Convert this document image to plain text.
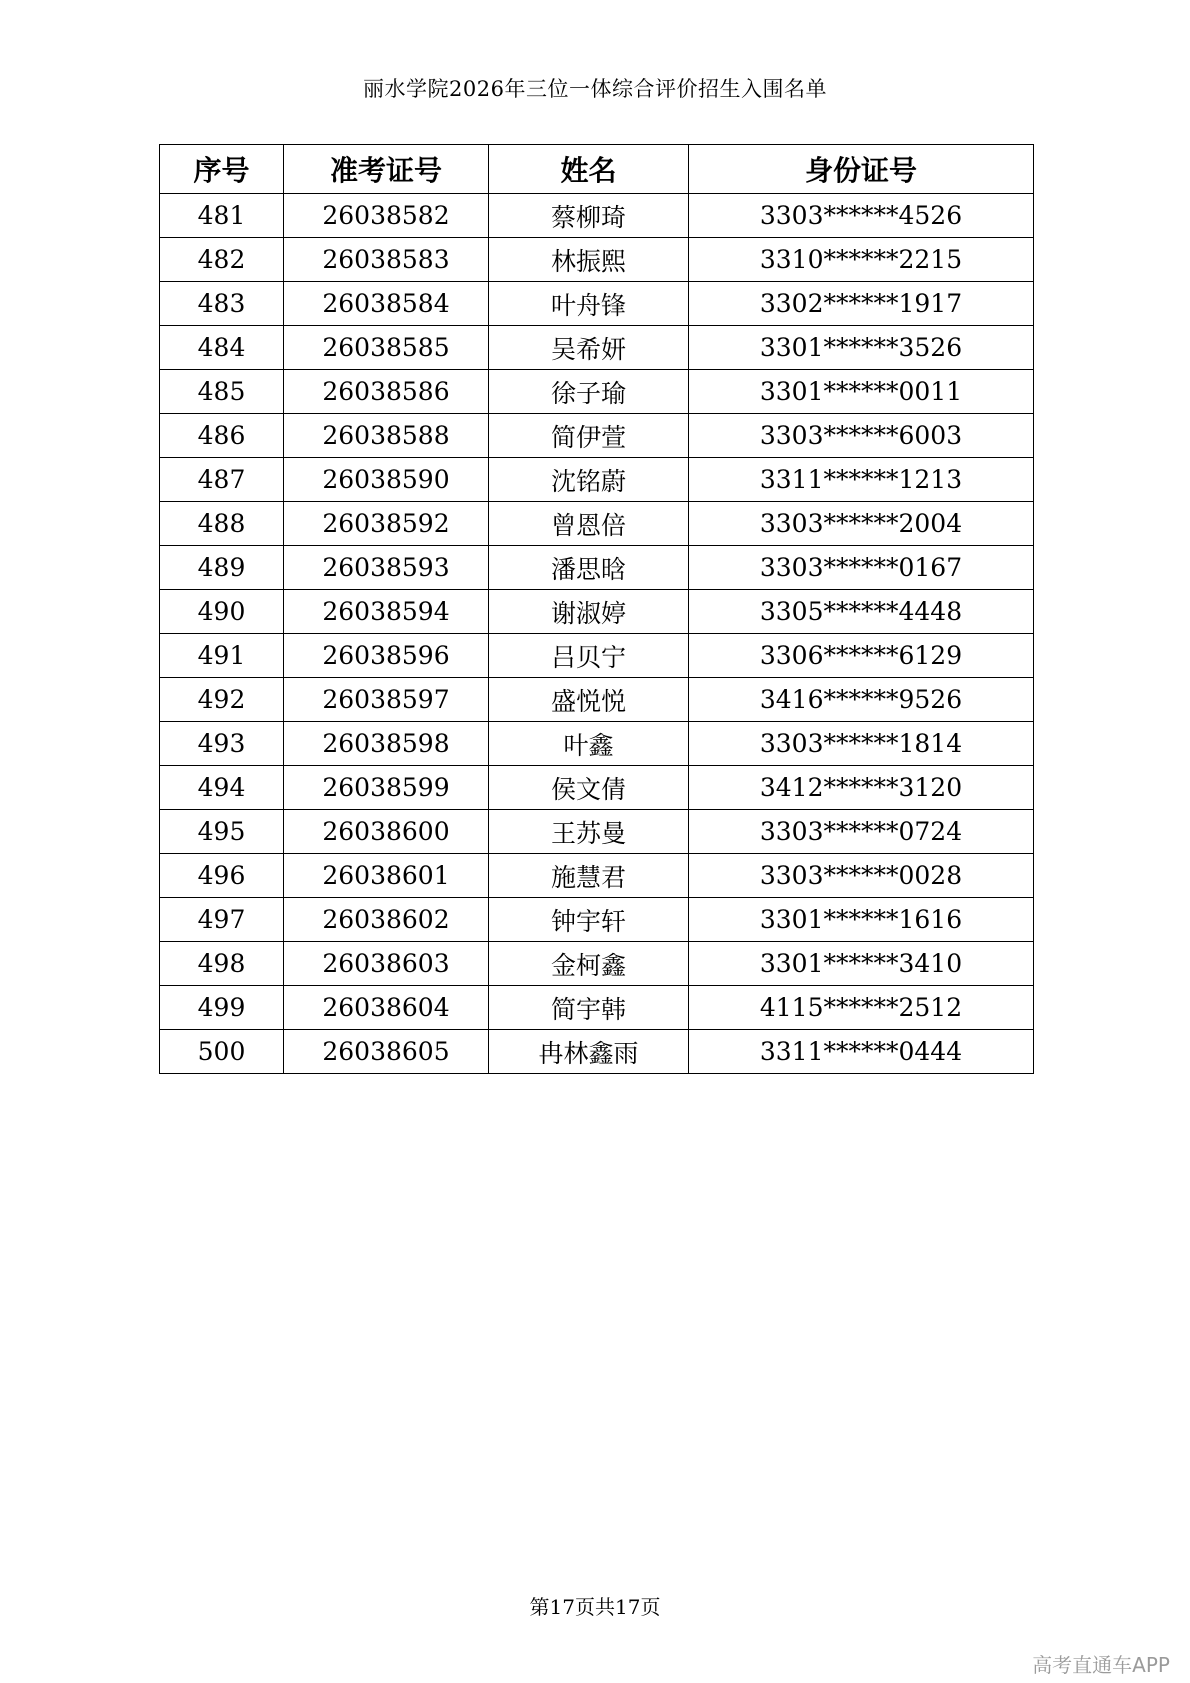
丽水学院2026年三位一体综合评价招生入围名单
序号	准考证号	姓名	身份证号
481	26038582	蔡柳琦	3303******4526
482	26038583	林振熙	3310******2215
483	26038584	叶舟锋	3302******1917
484	26038585	吴希妍	3301******3526
485	26038586	徐子瑜	3301******0011
486	26038588	简伊萱	3303******6003
487	26038590	沈铭蔚	3311******1213
488	26038592	曾恩倍	3303******2004
489	26038593	潘思晗	3303******0167
490	26038594	谢淑婷	3305******4448
491	26038596	吕贝宁	3306******6129
492	26038597	盛悦悦	3416******9526
493	26038598	叶鑫	3303******1814
494	26038599	侯文倩	3412******3120
495	26038600	王苏曼	3303******0724
496	26038601	施慧君	3303******0028
497	26038602	钟宇轩	3301******1616
498	26038603	金柯鑫	3301******3410
499	26038604	简宇韩	4115******2512
500	26038605	冉林鑫雨	3311******0444
第17页共17页
高考直通车APP
